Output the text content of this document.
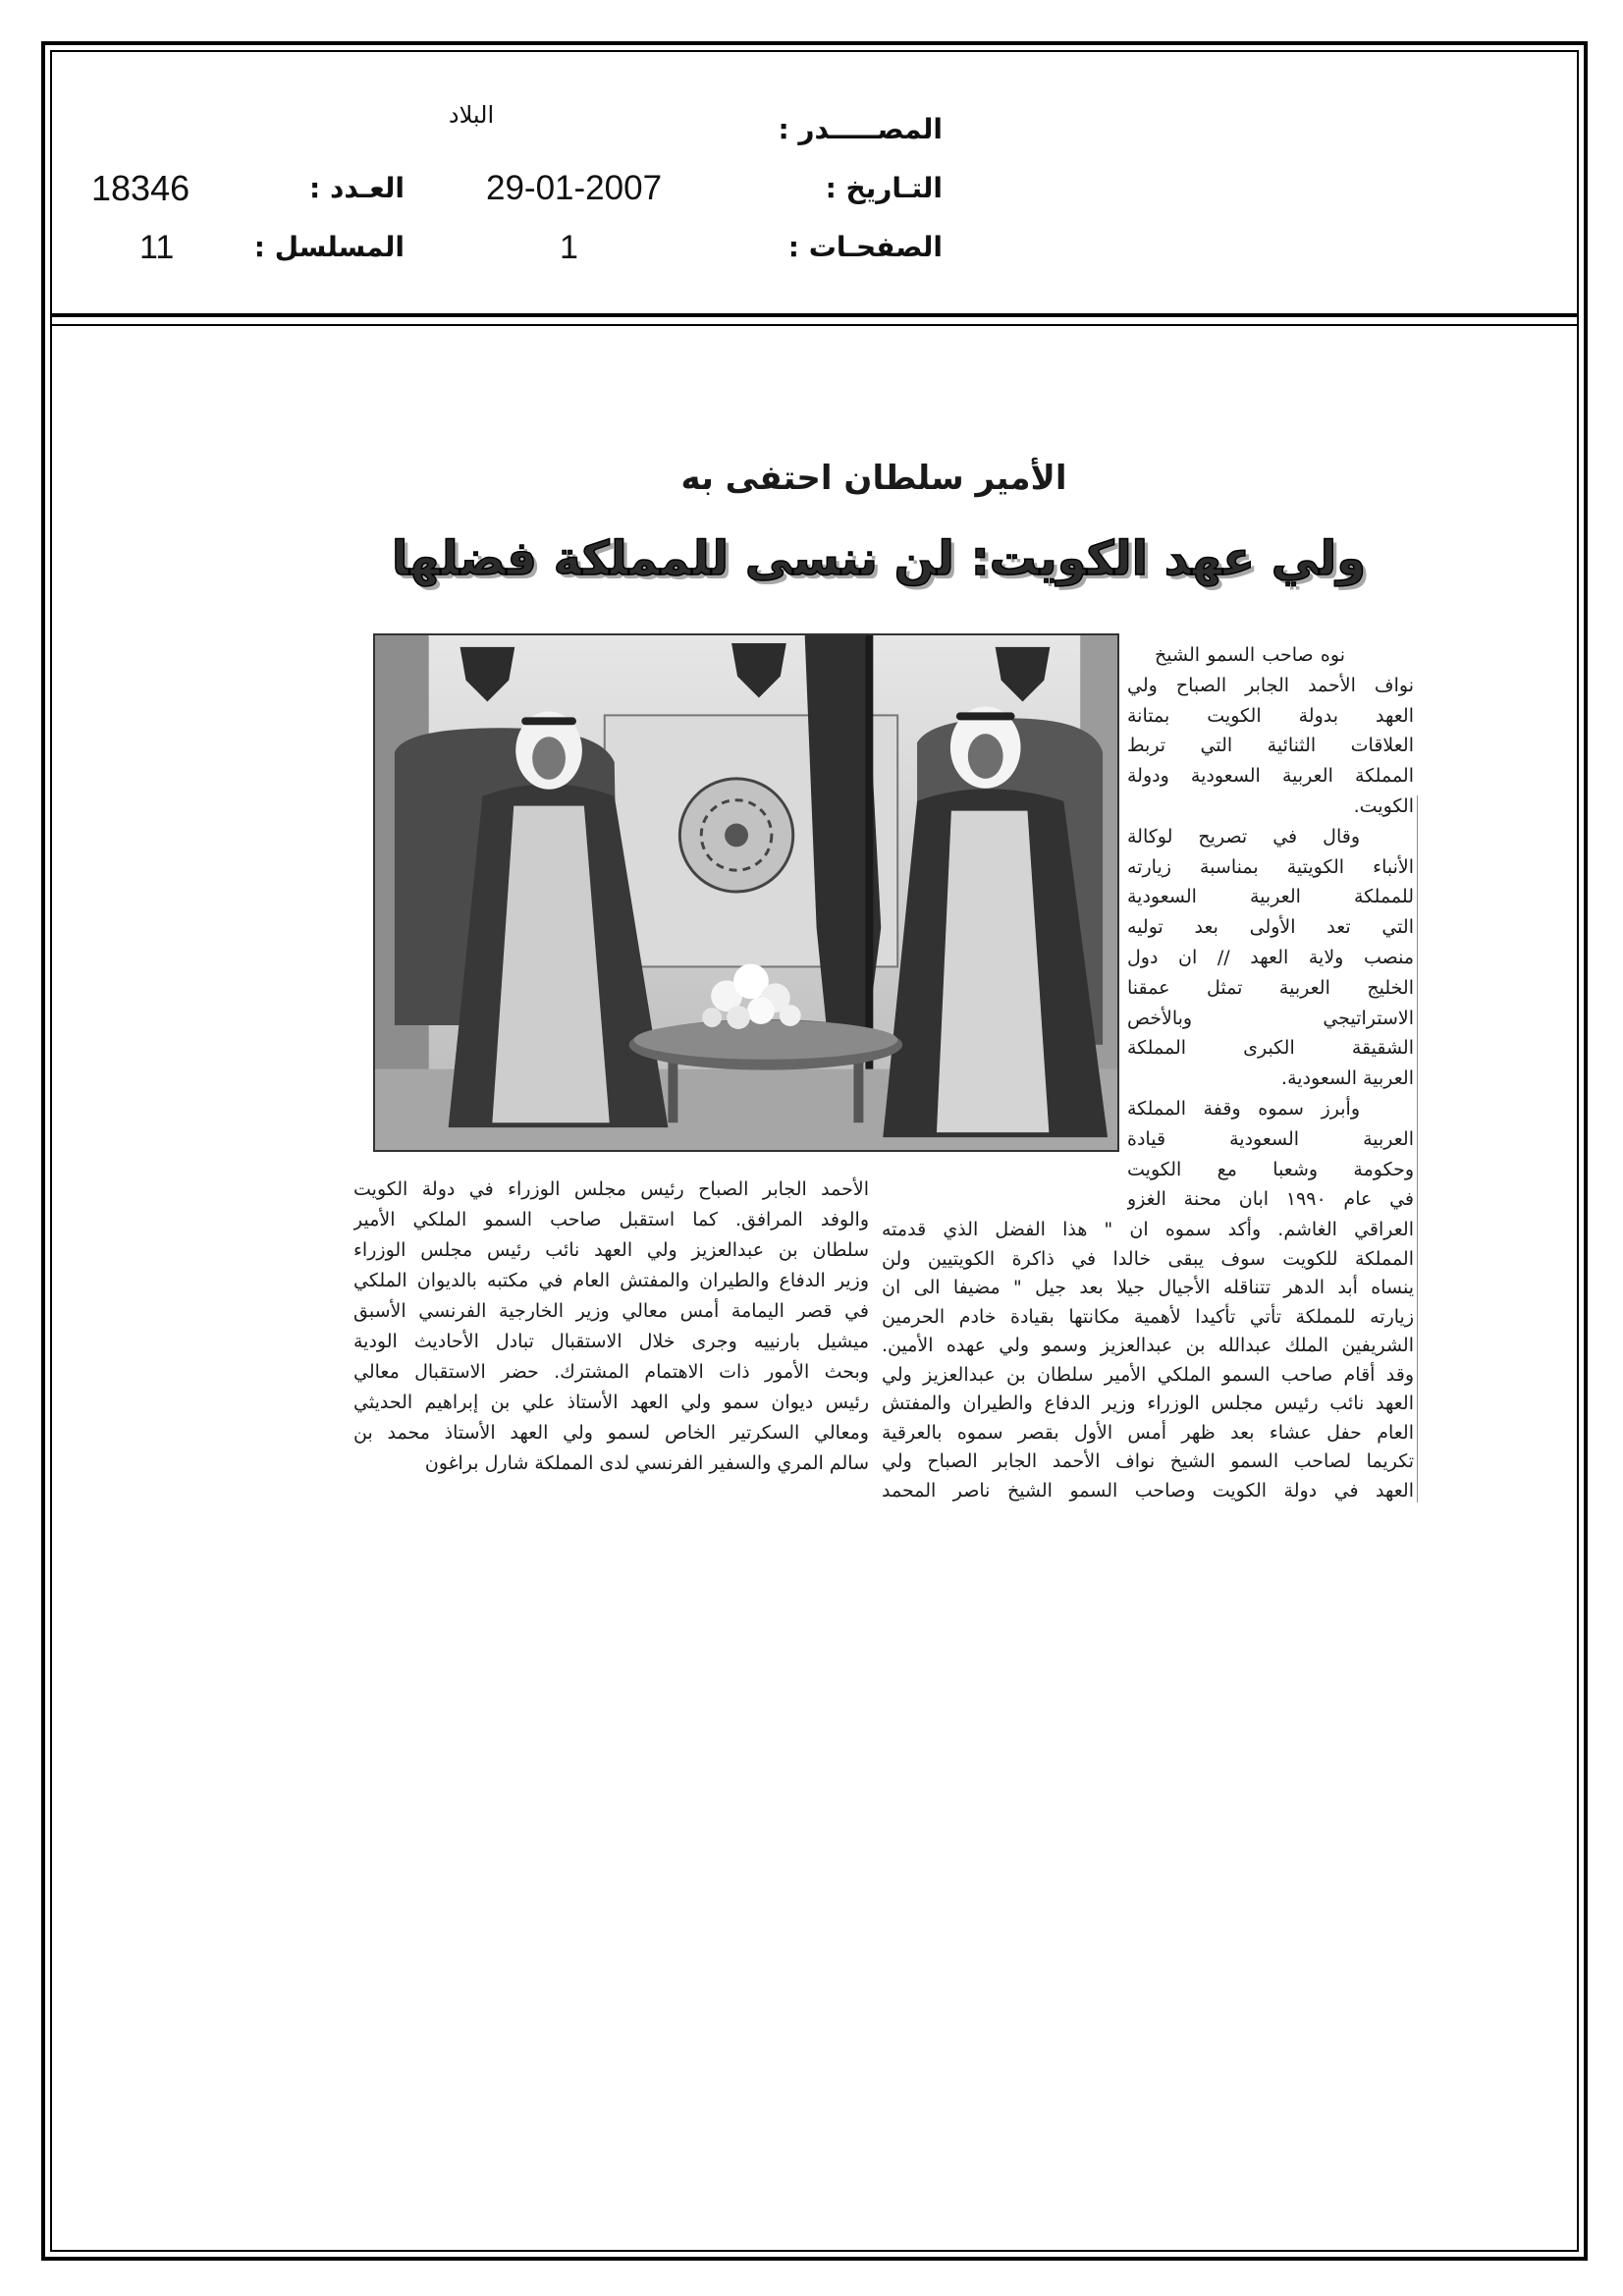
المصـــــدر :
البلاد
التـاريخ :
29-01-2007
العـدد :
18346
الصفحـات :
1
المسلسل :
11
الأمير سلطان احتفى به
ولي عهد الكويت: لن ننسى للمملكة فضلها
نوه صاحب السمو الشيخ
نواف الأحمد الجابر الصباح ولي
العهد بدولة الكويت بمتانة
العلاقات الثنائية التي تربط
المملكة العربية السعودية ودولة
الكويت.
وقال في تصريح لوكالة
الأنباء الكويتية بمناسبة زيارته
للمملكة العربية السعودية
التي تعد الأولى بعد توليه
منصب ولاية العهد // ان دول
الخليج العربية تمثل عمقنا
الاستراتيجي وبالأخص
الشقيقة الكبرى المملكة
العربية السعودية.
وأبرز سموه وقفة المملكة
العربية السعودية قيادة
وحكومة وشعبا مع الكويت
في عام ١٩٩٠ ابان محنة الغزو
العراقي الغاشم. وأكد سموه ان " هذا الفضل الذي قدمته
المملكة للكويت سوف يبقى خالدا في ذاكرة الكويتيين ولن
ينساه أبد الدهر تتناقله الأجيال جيلا بعد جيل " مضيفا الى ان
زيارته للمملكة تأتي تأكيدا لأهمية مكانتها بقيادة خادم الحرمين
الشريفين الملك عبدالله بن عبدالعزيز وسمو ولي عهده الأمين.
وقد أقام صاحب السمو الملكي الأمير سلطان بن عبدالعزيز ولي
العهد نائب رئيس مجلس الوزراء وزير الدفاع والطيران والمفتش
العام حفل عشاء بعد ظهر أمس الأول بقصر سموه بالعرقية
تكريما لصاحب السمو الشيخ نواف الأحمد الجابر الصباح ولي
العهد في دولة الكويت وصاحب السمو الشيخ ناصر المحمد
الأحمد الجابر الصباح رئيس مجلس الوزراء في دولة الكويت
والوفد المرافق. كما استقبل صاحب السمو الملكي الأمير
سلطان بن عبدالعزيز ولي العهد نائب رئيس مجلس الوزراء
وزير الدفاع والطيران والمفتش العام في مكتبه بالديوان الملكي
في قصر اليمامة أمس معالي وزير الخارجية الفرنسي الأسبق
ميشيل بارنييه وجرى خلال الاستقبال تبادل الأحاديث الودية
وبحث الأمور ذات الاهتمام المشترك. حضر الاستقبال معالي
رئيس ديوان سمو ولي العهد الأستاذ علي بن إبراهيم الحديثي
ومعالي السكرتير الخاص لسمو ولي العهد الأستاذ محمد بن
سالم المري والسفير الفرنسي لدى المملكة شارل براغون
